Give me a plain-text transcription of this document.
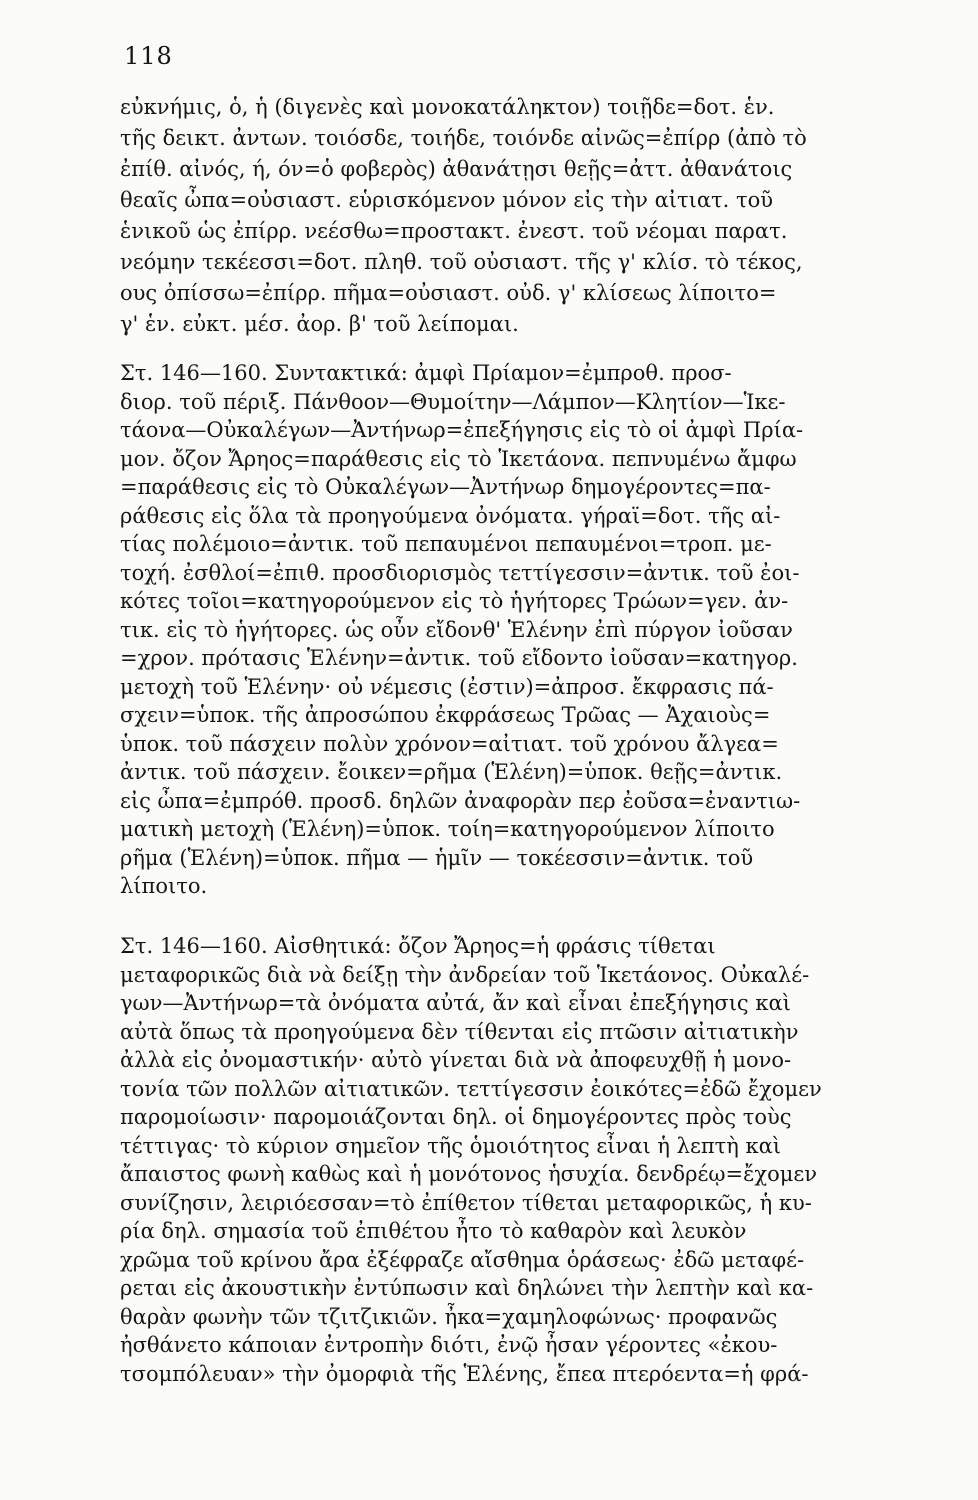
118
εὐκνήμις, ὁ, ἡ (διγενὲς καὶ μονοκατάληκτον) τοιῇδε=δοτ. ἑν.
τῆς δεικτ. ἀντων. τοιόσδε, τοιήδε, τοιόνδε αἰνῶς=ἐπίρρ (ἀπὸ τὸ
ἐπίθ. αἰνός, ή, όν=ὁ φοβερὸς) ἀθανάτῃσι θεῇς=ἀττ. ἀθανάτοις
θεαῖς ὦπα=οὐσιαστ. εὑρισκόμενον μόνον εἰς τὴν αἰτιατ. τοῦ
ἑνικοῦ ὡς ἐπίρρ. νεέσθω=προστακτ. ἐνεστ. τοῦ νέομαι παρατ.
νεόμην τεκέεσσι=δοτ. πληθ. τοῦ οὐσιαστ. τῆς γ' κλίσ. τὸ τέκος,
ους ὀπίσσω=ἐπίρρ. πῆμα=οὐσιαστ. οὐδ. γ' κλίσεως λίποιτο=
γ' ἑν. εὐκτ. μέσ. ἀορ. β' τοῦ λείπομαι.
Στ. 146—160. Συντακτικά: ἀμφὶ Πρίαμον=ἐμπροθ. προσ-
διορ. τοῦ πέριξ. Πάνθοον—Θυμοίτην—Λάμπον—Κλητίον—Ἱκε-
τάονα—Οὐκαλέγων—Ἀντήνωρ=ἐπεξήγησις εἰς τὸ οἱ ἀμφὶ Πρία-
μον. ὄζον Ἄρηος=παράθεσις εἰς τὸ Ἱκετάονα. πεπνυμένω ἄμφω
=παράθεσις εἰς τὸ Οὐκαλέγων—Ἀντήνωρ δημογέροντες=πα-
ράθεσις εἰς ὅλα τὰ προηγούμενα ὀνόματα. γήραϊ=δοτ. τῆς αἰ-
τίας πολέμοιο=ἀντικ. τοῦ πεπαυμένοι πεπαυμένοι=τροπ. με-
τοχή. ἐσθλοί=ἐπιθ. προσδιορισμὸς τεττίγεσσιν=ἀντικ. τοῦ ἐοι-
κότες τοῖοι=κατηγορούμενον εἰς τὸ ἡγήτορες Τρώων=γεν. ἀν-
τικ. εἰς τὸ ἡγήτορες. ὡς οὖν εἴδονθ' Ἑλένην ἐπὶ πύργον ἰοῦσαν
=χρον. πρότασις Ἑλένην=ἀντικ. τοῦ εἴδοντο ἰοῦσαν=κατηγορ.
μετοχὴ τοῦ Ἑλένην· οὐ νέμεσις (ἐστιν)=ἀπροσ. ἔκφρασις πά-
σχειν=ὑποκ. τῆς ἀπροσώπου ἐκφράσεως Τρῶας — Ἀχαιοὺς=
ὑποκ. τοῦ πάσχειν πολὺν χρόνον=αἰτιατ. τοῦ χρόνου ἄλγεα=
ἀντικ. τοῦ πάσχειν. ἔοικεν=ρῆμα (Ἑλένη)=ὑποκ. θεῇς=ἀντικ.
εἰς ὦπα=ἐμπρόθ. προσδ. δηλῶν ἀναφορὰν περ ἐοῦσα=ἐναντιω-
ματικὴ μετοχὴ (Ἑλένη)=ὑποκ. τοίη=κατηγορούμενον λίποιτο
ρῆμα (Ἑλένη)=ὑποκ. πῆμα — ἡμῖν — τοκέεσσιν=ἀντικ. τοῦ
λίποιτο.
Στ. 146—160. Αἰσθητικά: ὄζον Ἄρηος=ἡ φράσις τίθεται
μεταφορικῶς διὰ νὰ δείξῃ τὴν ἀνδρείαν τοῦ Ἱκετάονος. Οὐκαλέ-
γων—Ἀντήνωρ=τὰ ὀνόματα αὐτά, ἄν καὶ εἶναι ἐπεξήγησις καὶ
αὐτὰ ὅπως τὰ προηγούμενα δὲν τίθενται εἰς πτῶσιν αἰτιατικὴν
ἀλλὰ εἰς ὀνομαστικήν· αὐτὸ γίνεται διὰ νὰ ἀποφευχθῇ ἡ μονο-
τονία τῶν πολλῶν αἰτιατικῶν. τεττίγεσσιν ἐοικότες=ἐδῶ ἔχομεν
παρομοίωσιν· παρομοιάζονται δηλ. οἱ δημογέροντες πρὸς τοὺς
τέττιγας· τὸ κύριον σημεῖον τῆς ὁμοιότητος εἶναι ἡ λεπτὴ καὶ
ἄπαιστος φωνὴ καθὼς καὶ ἡ μονότονος ἡσυχία. δενδρέῳ=ἔχομεν
συνίζησιν, λειριόεσσαν=τὸ ἐπίθετον τίθεται μεταφορικῶς, ἡ κυ-
ρία δηλ. σημασία τοῦ ἐπιθέτου ἦτο τὸ καθαρὸν καὶ λευκὸν
χρῶμα τοῦ κρίνου ἄρα ἐξέφραζε αἴσθημα ὁράσεως· ἐδῶ μεταφέ-
ρεται εἰς ἀκουστικὴν ἐντύπωσιν καὶ δηλώνει τὴν λεπτὴν καὶ κα-
θαρὰν φωνὴν τῶν τζιτζικιῶν. ἦκα=χαμηλοφώνως· προφανῶς
ἠσθάνετο κάποιαν ἐντροπὴν διότι, ἐνῷ ἦσαν γέροντες «ἐκου-
τσομπόλευαν» τὴν ὀμορφιὰ τῆς Ἑλένης, ἔπεα πτερόεντα=ἡ φρά-
